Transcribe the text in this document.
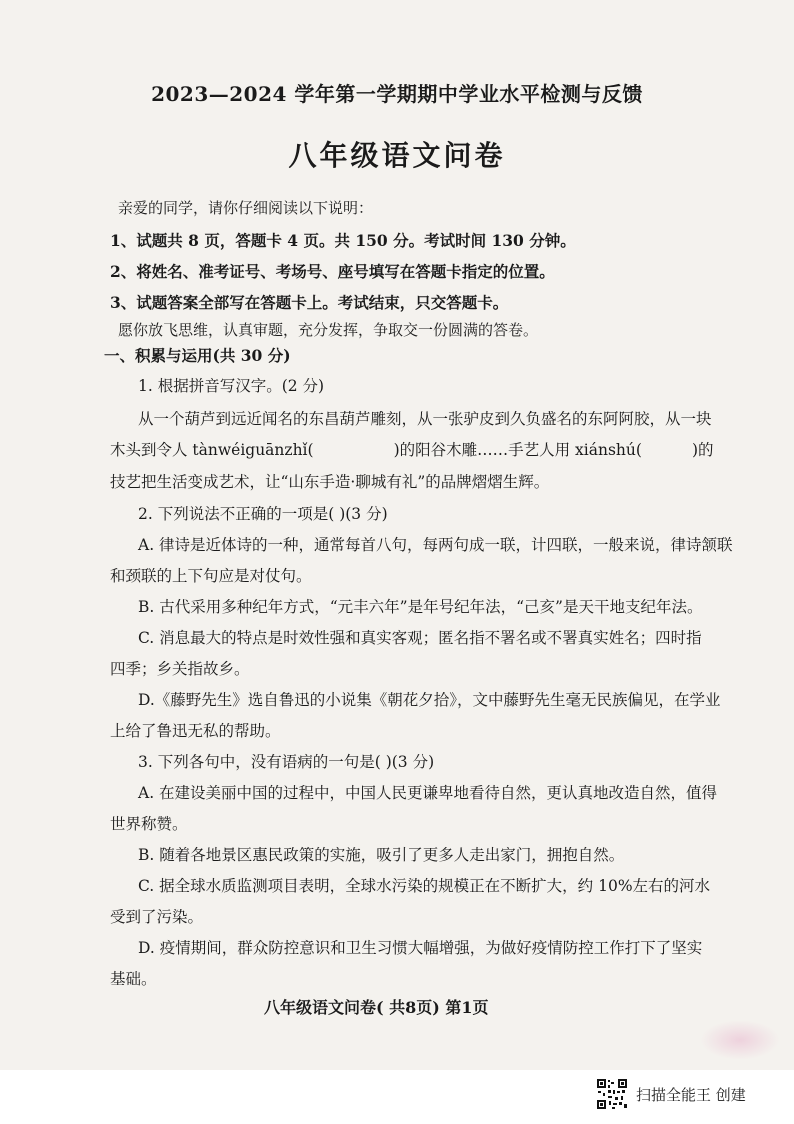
2023—2024 学年第一学期期中学业水平检测与反馈
八年级语文问卷
亲爱的同学，请你仔细阅读以下说明：
1、试题共 8 页，答题卡 4 页。共 150 分。考试时间 130 分钟。
2、将姓名、准考证号、考场号、座号填写在答题卡指定的位置。
3、试题答案全部写在答题卡上。考试结束，只交答题卡。
愿你放飞思维，认真审题，充分发挥，争取交一份圆满的答卷。
一、积累与运用(共 30 分)
1. 根据拼音写汉字。(2 分)
从一个葫芦到远近闻名的东昌葫芦雕刻，从一张驴皮到久负盛名的东阿阿胶，从一块
木头到令人 tànwéiguānzhǐ(	)的阳谷木雕……手艺人用 xiánshú(	)的
技艺把生活变成艺术，让“山东手造·聊城有礼”的品牌熠熠生辉。
2. 下列说法不正确的一项是( )(3 分)
A. 律诗是近体诗的一种，通常每首八句，每两句成一联，计四联，一般来说，律诗颔联
和颈联的上下句应是对仗句。
B. 古代采用多种纪年方式，“元丰六年”是年号纪年法，“己亥”是天干地支纪年法。
C. 消息最大的特点是时效性强和真实客观；匿名指不署名或不署真实姓名；四时指
四季；乡关指故乡。
D.《藤野先生》选自鲁迅的小说集《朝花夕拾》，文中藤野先生毫无民族偏见，在学业
上给了鲁迅无私的帮助。
3. 下列各句中，没有语病的一句是( )(3 分)
A. 在建设美丽中国的过程中，中国人民更谦卑地看待自然，更认真地改造自然，值得
世界称赞。
B. 随着各地景区惠民政策的实施，吸引了更多人走出家门，拥抱自然。
C. 据全球水质监测项目表明，全球水污染的规模正在不断扩大，约 10%左右的河水
受到了污染。
D. 疫情期间，群众防控意识和卫生习惯大幅增强，为做好疫情防控工作打下了坚实
基础。
八年级语文问卷( 共8页) 第1页
扫描全能王 创建
